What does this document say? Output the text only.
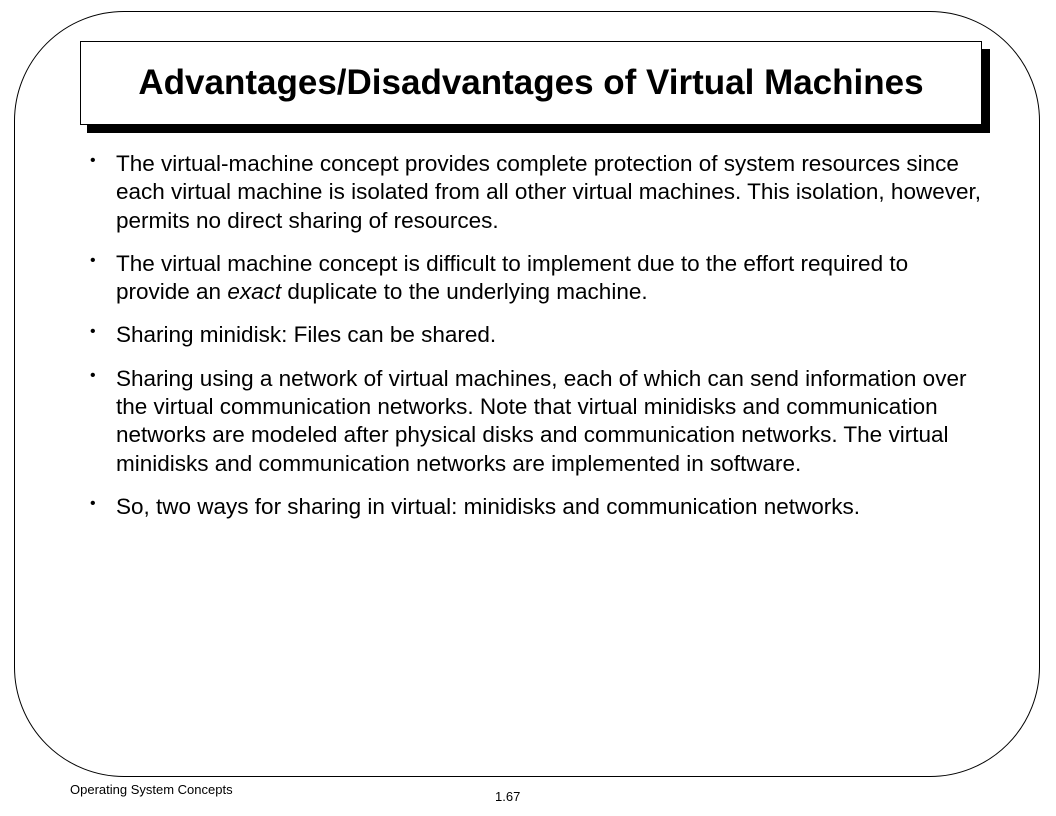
Advantages/Disadvantages of Virtual Machines
• The virtual-machine concept provides complete protection of system resources since each virtual machine is isolated from all other virtual machines. This isolation, however, permits no direct sharing of resources.
• The virtual machine concept is difficult to implement due to the effort required to provide an exact duplicate to the underlying machine.
• Sharing minidisk: Files can be shared.
• Sharing using a network of virtual machines, each of which can send information over the virtual communication networks. Note that virtual minidisks and communication networks are modeled after physical disks and communication networks. The virtual minidisks and communication networks are implemented in software.
• So, two ways for sharing in virtual: minidisks and communication networks.
Operating System Concepts	1.67
